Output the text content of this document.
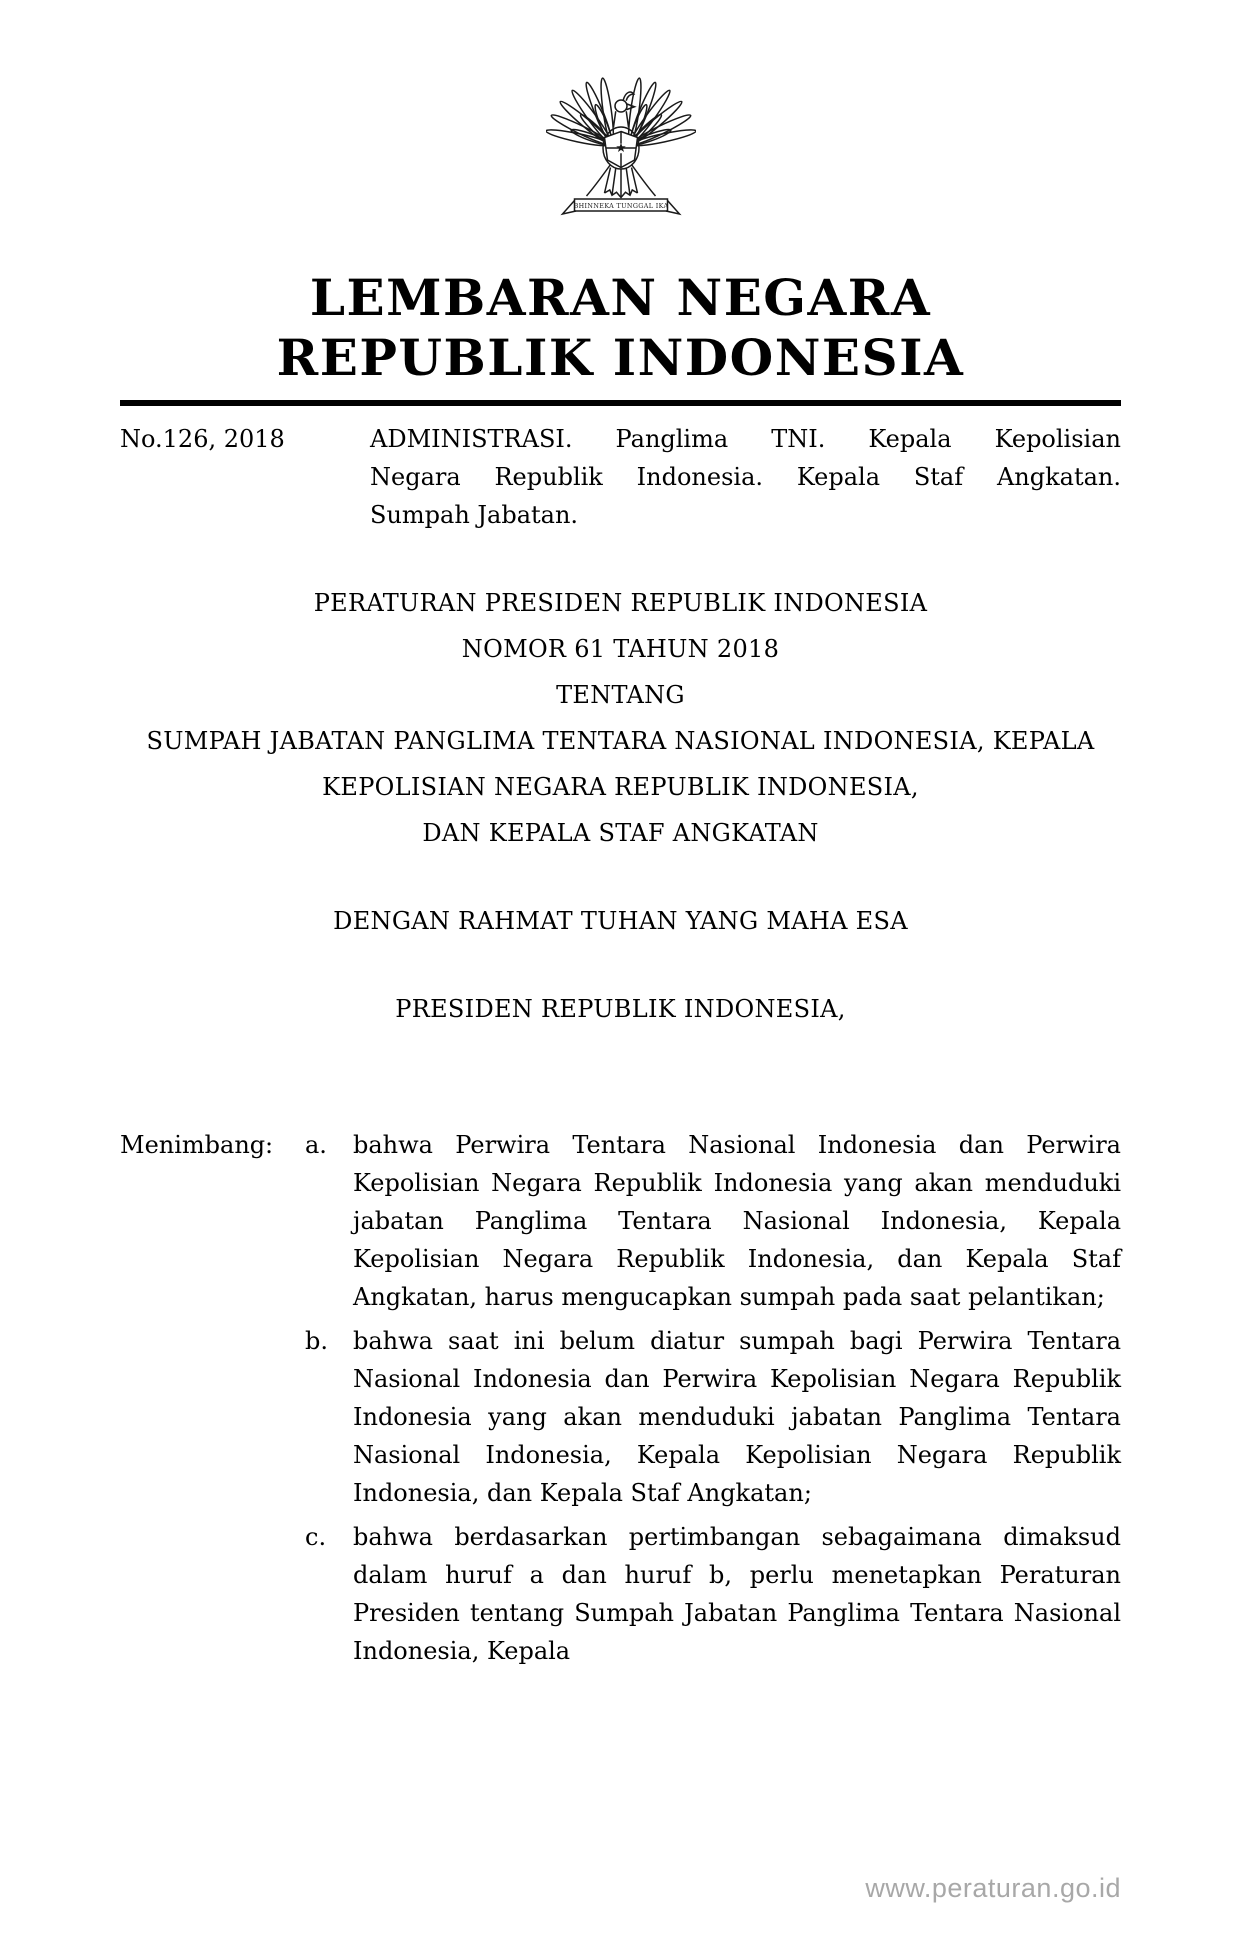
BHINNEKA TUNGGAL IKA
LEMBARAN NEGARA
REPUBLIK INDONESIA
No.126, 2018	ADMINISTRASI. Panglima TNI. Kepala Kepolisian
Negara Republik Indonesia. Kepala Staf Angkatan.
Sumpah Jabatan.
PERATURAN PRESIDEN REPUBLIK INDONESIA
NOMOR 61 TAHUN 2018
TENTANG
SUMPAH JABATAN PANGLIMA TENTARA NASIONAL INDONESIA, KEPALA
KEPOLISIAN NEGARA REPUBLIK INDONESIA,
DAN KEPALA STAF ANGKATAN
DENGAN RAHMAT TUHAN YANG MAHA ESA
PRESIDEN REPUBLIK INDONESIA,
Menimbang :	a.	bahwa Perwira Tentara Nasional Indonesia dan Perwira Kepolisian Negara Republik Indonesia yang akan menduduki jabatan Panglima Tentara Nasional Indonesia, Kepala Kepolisian Negara Republik Indonesia, dan Kepala Staf Angkatan, harus mengucapkan sumpah pada saat pelantikan;
b.	bahwa saat ini belum diatur sumpah bagi Perwira Tentara Nasional Indonesia dan Perwira Kepolisian Negara Republik Indonesia yang akan menduduki jabatan Panglima Tentara Nasional Indonesia, Kepala Kepolisian Negara Republik Indonesia, dan Kepala Staf Angkatan;
c.	bahwa berdasarkan pertimbangan sebagaimana dimaksud dalam huruf a dan huruf b, perlu menetapkan Peraturan Presiden tentang Sumpah Jabatan Panglima Tentara Nasional Indonesia, Kepala
www.peraturan.go.id
